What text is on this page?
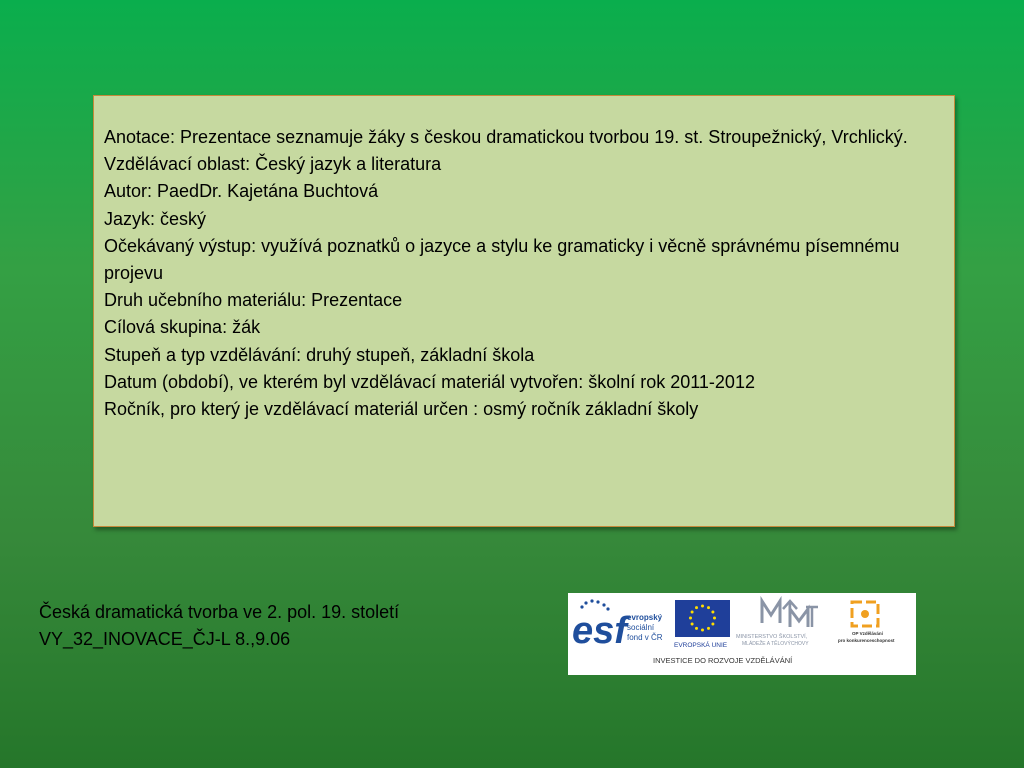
Anotace: Prezentace seznamuje žáky s českou dramatickou tvorbou 19. st. Stroupežnický, Vrchlický.
Vzdělávací oblast: Český jazyk a literatura
Autor: PaedDr. Kajetána Buchtová
Jazyk: český
Očekávaný výstup: využívá poznatků o jazyce a stylu ke gramaticky i věcně správnému písemnému projevu
Druh učebního materiálu: Prezentace
Cílová skupina: žák
Stupeň a typ vzdělávání: druhý stupeň, základní škola
Datum (období), ve kterém byl vzdělávací materiál vytvořen: školní rok 2011-2012
Ročník, pro který je vzdělávací materiál určen : osmý ročník základní školy
Česká dramatická tvorba ve 2. pol. 19. století
VY_32_INOVACE_ČJ-L 8.,9.06	esf evropský
sociální
fond v ČR
EVROPSKÁ UNIE
MINISTERSTVO ŠKOLSTVÍ,
MLÁDEŽE A TĚLOVÝCHOVY
OP Vzdělávání
pro konkurenceschopnost
INVESTICE DO ROZVOJE VZDĚLÁVÁNÍ
